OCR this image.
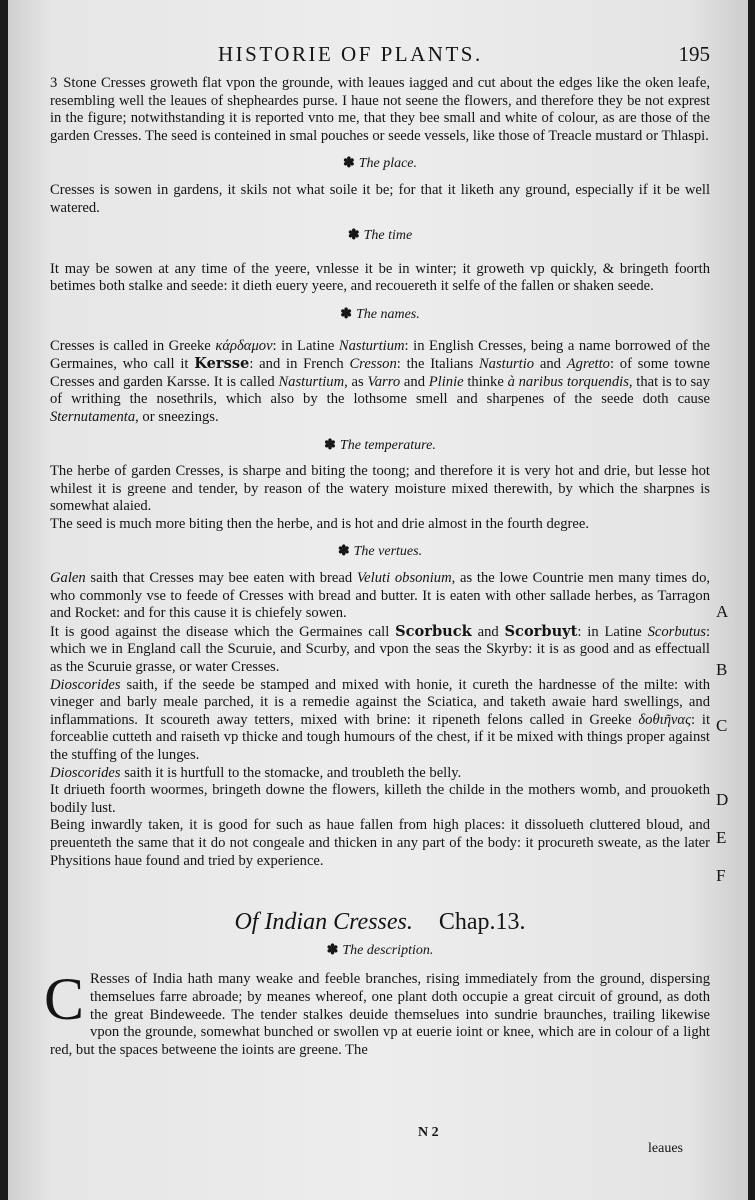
HISTORIE OF PLANTS.	195

3 Stone Cresses groweth flat vpon the grounde, with leaues iagged and cut about the edges like the oken leafe, resembling well the leaues of shepheardes purse. I haue not seene the flowers, and therefore they be not exprest in the figure; notwithstanding it is reported vnto me, that they bee small and white of colour, as are those of the garden Cresses. The seed is conteined in smal pouches or seede vessels, like those of Treacle mustard or Thlaspi.

✽ The place.

Cresses is sowen in gardens, it skils not what soile it be; for that it liketh any ground, especially if it be well watered.

✽ The time

It may be sowen at any time of the yeere, vnlesse it be in winter; it groweth vp quickly, & bringeth foorth betimes both stalke and seede: it dieth euery yeere, and recouereth it selfe of the fallen or shaken seede.

✽ The names.

Cresses is called in Greeke κάρδαμον: in Latine Nasturtium: in English Cresses, being a name borrowed of the Germaines, who call it Kersse: and in French Cresson: the Italians Nasturtio and Agretto: of some towne Cresses and garden Karsse. It is called Nasturtium, as Varro and Plinie thinke à naribus torquendis, that is to say of writhing the nosethrils, which also by the lothsome smell and sharpenes of the seede doth cause Sternutamenta, or sneezings.

✽ The temperature.

The herbe of garden Cresses, is sharpe and biting the toong; and therefore it is very hot and drie, but lesse hot whilest it is greene and tender, by reason of the watery moisture mixed therewith, by which the sharpnes is somewhat alaied.

The seed is much more biting then the herbe, and is hot and drie almost in the fourth degree.

✽ The vertues.

Galen saith that Cresses may bee eaten with bread Veluti obsonium, as the lowe Countrie men many times do, who commonly vse to feede of Cresses with bread and butter. It is eaten with other sallade herbes, as Tarragon and Rocket: and for this cause it is chiefely sowen.

It is good against the disease which the Germaines call Scorbuck and Scorbuyt: in Latine Scorbutus: which we in England call the Scuruie, and Scurby, and vpon the seas the Skyrby: it is as good and as effectuall as the Scuruie grasse, or water Cresses.

Dioscorides saith, if the seede be stamped and mixed with honie, it cureth the hardnesse of the milte: with vineger and barly meale parched, it is a remedie against the Sciatica, and taketh awaie hard swellings, and inflammations. It scoureth away tetters, mixed with brine: it ripeneth felons called in Greeke δοθιῆνας: it forceablie cutteth and raiseth vp thicke and tough humours of the chest, if it be mixed with things proper against the stuffing of the lunges.

Dioscorides saith it is hurtfull to the stomacke, and troubleth the belly.

It driueth foorth woormes, bringeth downe the flowers, killeth the childe in the mothers womb, and prouoketh bodily lust.

Being inwardly taken, it is good for such as haue fallen from high places: it dissolueth cluttered bloud, and preuenteth the same that it do not congeale and thicken in any part of the body: it procureth sweate, as the later Physitions haue found and tried by experience.

Of Indian Cresses. Chap.13.
✽ The description.

C Resses of India hath many weake and feeble branches, rising immediately from the ground, dispersing themselues farre abroade; by meanes whereof, one plant doth occupie a great circuit of ground, as doth the great Bindeweede. The tender stalkes deuide themselues into sundrie braunches, trailing likewise vpon the grounde, somewhat bunched or swollen vp at euerie ioint or knee, which are in colour of a light red, but the spaces betweene the ioints are greene. The

A
B
C
D
E
F
N 2
leaues
